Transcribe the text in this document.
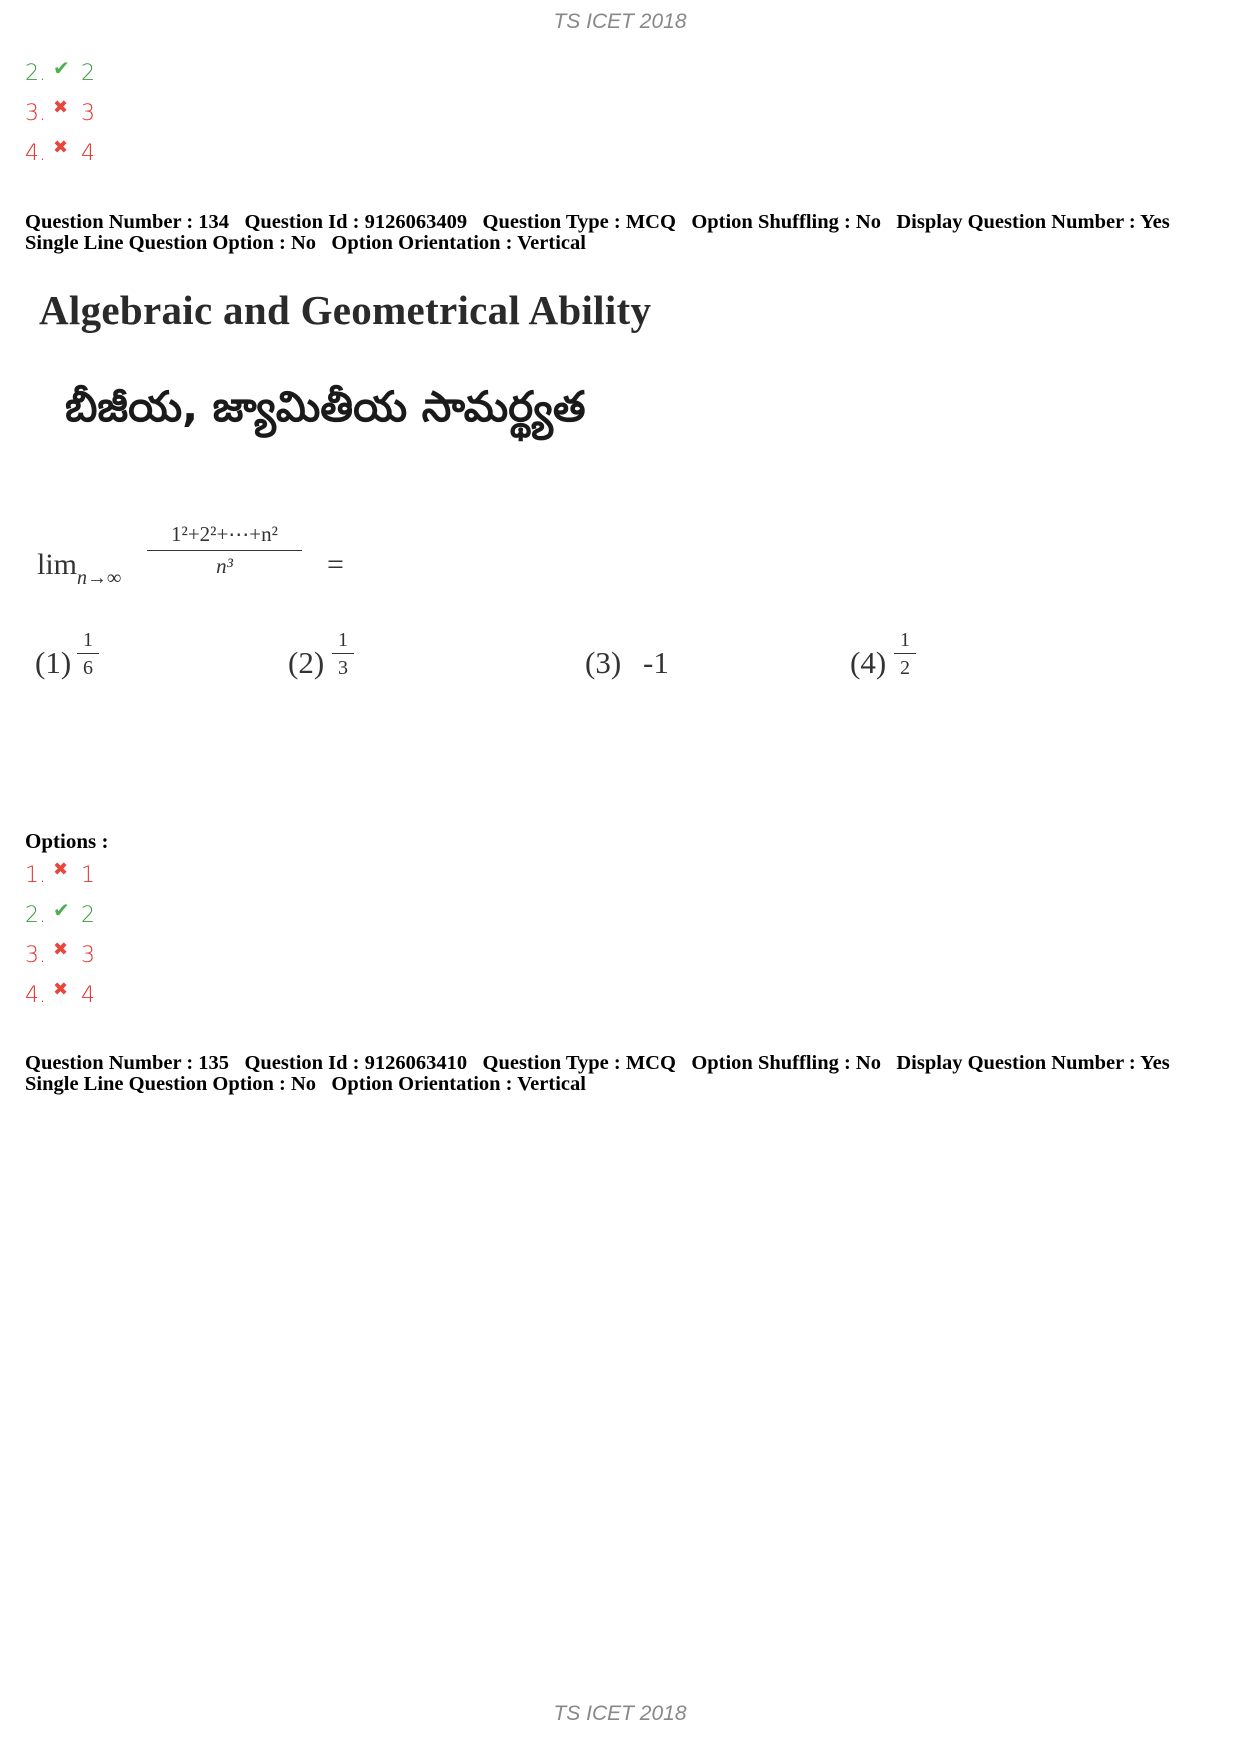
TS ICET 2018
2. ✔ 2
3. ✖ 3
4. ✖ 4
Question Number : 134 Question Id : 9126063409 Question Type : MCQ Option Shuffling : No Display Question Number : Yes
Single Line Question Option : No Option Orientation : Vertical
Algebraic and Geometrical Ability
బీజీయ, జ్యామితీయ సామర్థ్యత
$\lim_{n\to\infty} \frac{\text{1²+2²+⋯+n²}}{\text{n³}}$ =
$(1) \frac{1}{6}$	$(2) \frac{1}{3}$	(3) -1	$(4) \frac{1}{2}$
Options :
1. ✖ 1
2. ✔ 2
3. ✖ 3
4. ✖ 4
Question Number : 135 Question Id : 9126063410 Question Type : MCQ Option Shuffling : No Display Question Number : Yes
Single Line Question Option : No Option Orientation : Vertical
TS ICET 2018
